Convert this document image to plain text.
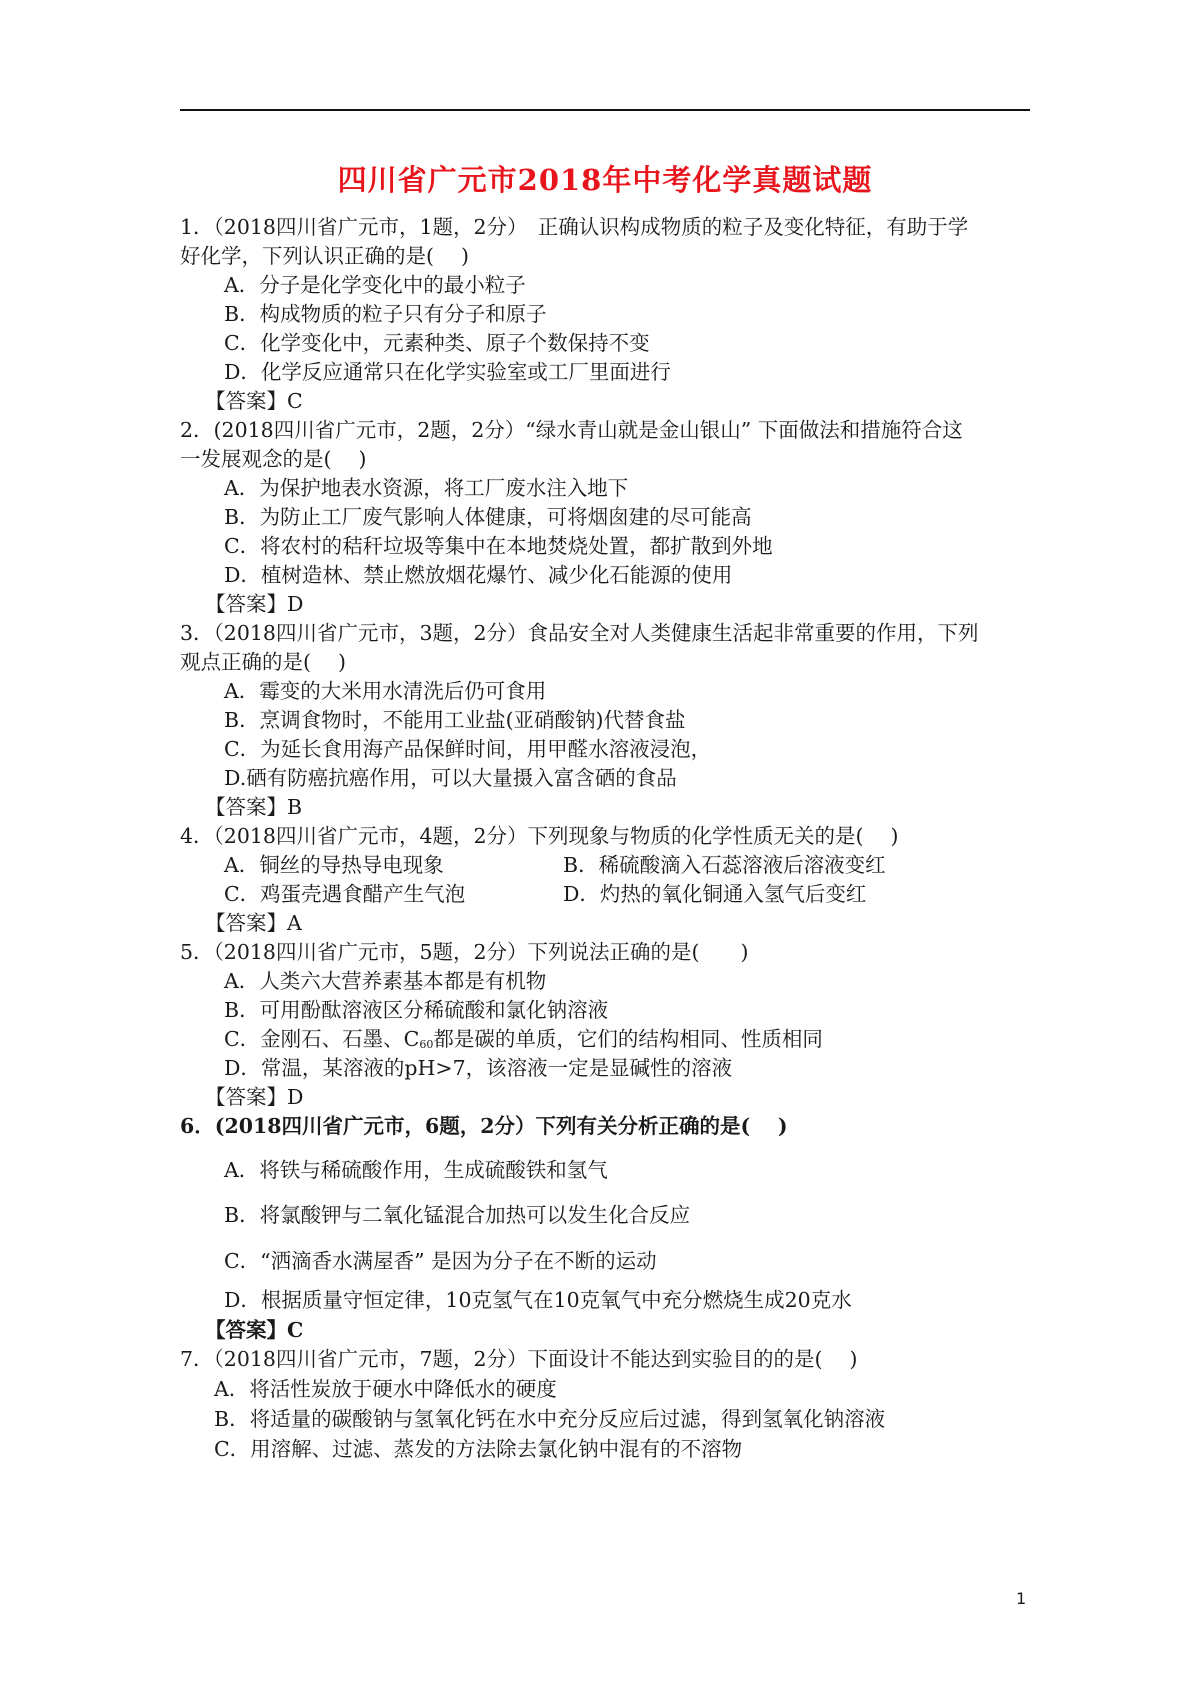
四川省广元市2018年中考化学真题试题
1．（2018四川省广元市，1题，2分）　正确认识构成物质的粒子及变化特征，有助于学
好化学，下列认识正确的是(　 )
A．分子是化学变化中的最小粒子
B．构成物质的粒子只有分子和原子
C．化学变化中，元素种类、原子个数保持不变
D．化学反应通常只在化学实验室或工厂里面进行
【答案】C
2．(2018四川省广元市，2题，2分）“绿水青山就是金山银山” 下面做法和措施符合这
一发展观念的是(　 )
A．为保护地表水资源，将工厂废水注入地下
B．为防止工厂废气影响人体健康，可将烟囱建的尽可能高
C．将农村的秸秆垃圾等集中在本地焚烧处置，都扩散到外地
D．植树造林、禁止燃放烟花爆竹、减少化石能源的使用
【答案】D
3．（2018四川省广元市，3题，2分）食品安全对人类健康生活起非常重要的作用，下列
观点正确的是(　 )
A．霉变的大米用水清洗后仍可食用
B．烹调食物时，不能用工业盐(亚硝酸钠)代替食盐
C．为延长食用海产品保鲜时间，用甲醛水溶液浸泡，
D.硒有防癌抗癌作用，可以大量摄入富含硒的食品
【答案】B
4．（2018四川省广元市，4题，2分）下列现象与物质的化学性质无关的是(　 )
A．铜丝的导热导电现象	B．稀硫酸滴入石蕊溶液后溶液变红
C．鸡蛋壳遇食醋产生气泡	D．灼热的氧化铜通入氢气后变红
【答案】A
5．（2018四川省广元市，5题，2分）下列说法正确的是(　　)
A．人类六大营养素基本都是有机物
B．可用酚酞溶液区分稀硫酸和氯化钠溶液
C．金刚石、石墨、$C_{60}$都是碳的单质，它们的结构相同、性质相同
D．常温，某溶液的pH>7，该溶液一定是显碱性的溶液
【答案】D
6．(2018四川省广元市，6题，2分）下列有关分析正确的是(　 )
A．将铁与稀硫酸作用，生成硫酸铁和氢气
B．将氯酸钾与二氧化锰混合加热可以发生化合反应
C．“洒滴香水满屋香” 是因为分子在不断的运动
D．根据质量守恒定律，10克氢气在10克氧气中充分燃烧生成20克水
【答案】C
7．（2018四川省广元市，7题，2分）下面设计不能达到实验目的的是(　 )
A．将活性炭放于硬水中降低水的硬度
B．将适量的碳酸钠与氢氧化钙在水中充分反应后过滤，得到氢氧化钠溶液
C．用溶解、过滤、蒸发的方法除去氯化钠中混有的不溶物
1
